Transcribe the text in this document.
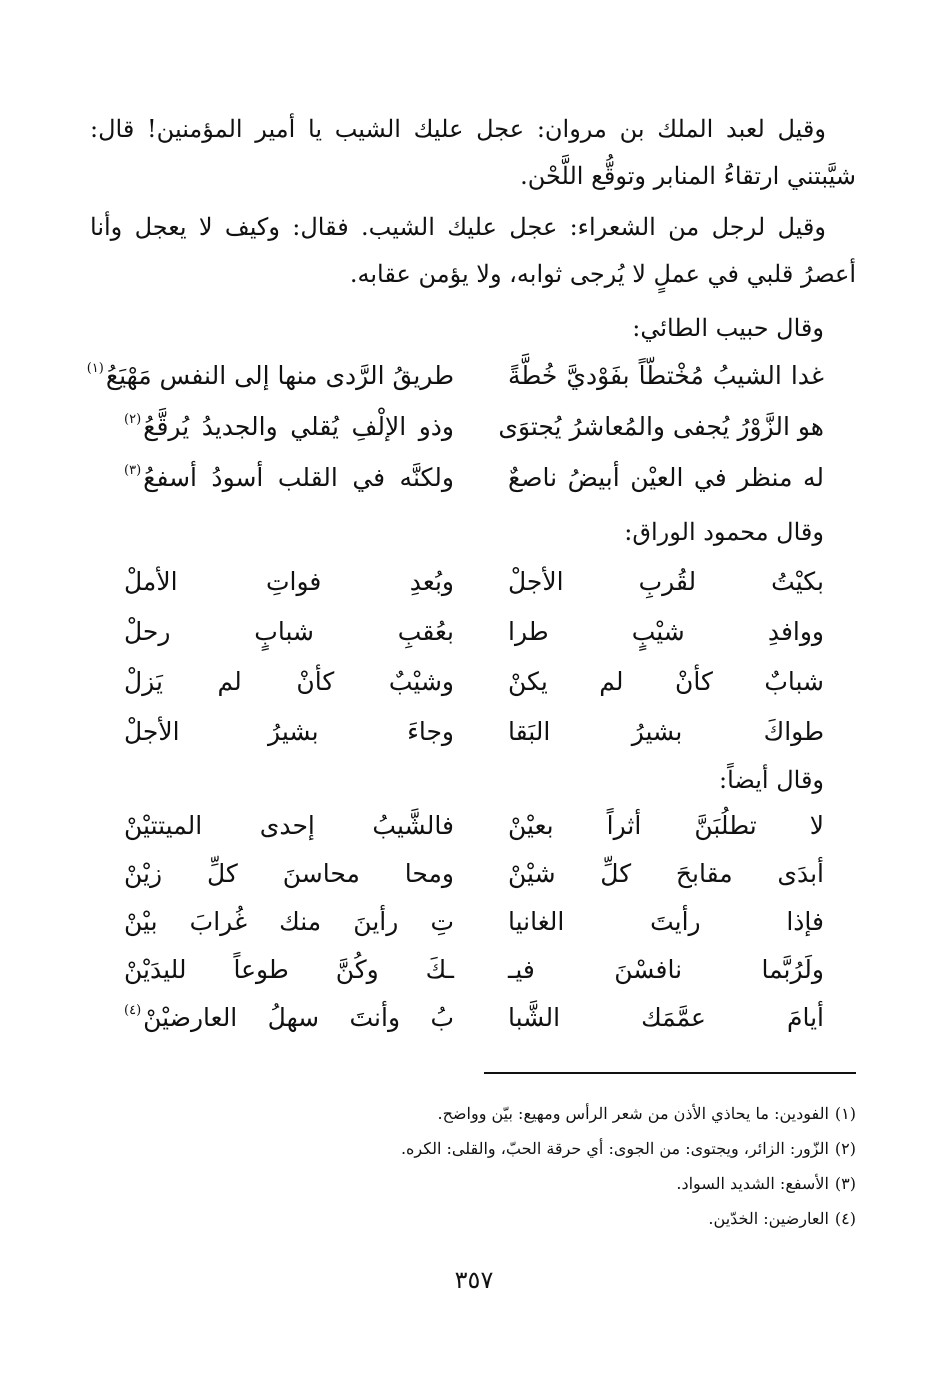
وقيل لعبد الملك بن مروان: عجل عليك الشيب يا أمير المؤمنين! قال: شيَّبتني ارتقاءُ المنابر وتوقُّع اللَّحْن.

وقيل لرجل من الشعراء: عجل عليك الشيب. فقال: وكيف لا يعجل وأنا أعصرُ قلبي في عملٍ لا يُرجى ثوابه، ولا يؤمن عقابه.

وقال حبيب الطائي:

غدا الشيبُ مُخْتطّاً بفَوْديَّ خُطَّةً
طريقُ الرَّدى منها إلى النفس مَهْيَعُ$^{(١)}$
هو الزَّوْرُ يُجفى والمُعاشرُ يُجتوَى
وذو الإلْفِ يُقلي والجديدُ يُرقَّعُ$^{(٢)}$
له منظر في العيْن أبيضُ ناصعٌ
ولكنَّه في القلب أسودُ أسفعُ$^{(٣)}$

وقال محمود الوراق:

بكيْتُ لقُربِ الأجلْ
وبُعدِ فواتِ الأملْ
ووافدِ شيْبٍ طرا
بعُقبِ شبابٍ رحلْ
شبابٌ كأنْ لم يكنْ
وشيْبٌ كأنْ لم يَزلْ
طواكَ بشيرُ البَقا
وجاءَ بشيرُ الأجلْ

وقال أيضاً:

لا تطلُبَنَّ أثراً بعيْنْ
فالشَّيبُ إحدى الميتتيْنْ
أبدَى مقابحَ كلِّ شيْنْ
ومحا محاسنَ كلِّ زيْنْ
فإذا رأيتَ الغانيا
تِ رأينَ منك غُرابَ بيْنْ
ولَرُبَّما نافسْنَ فيـ
ـكَ وكُنَّ طوعاً لليدَيْنْ
أيامَ عمَّمَك الشَّبا
بُ وأنتَ سهلُ العارضيْنْ$^{(٤)}$
(١)الفودين: ما يحاذي الأذن من شعر الرأس ومهيع: بيّن وواضح.
(٢)الزّور: الزائر، ويجتوى: من الجوى: أي حرقة الحبّ، والقلى: الكره.
(٣)الأسفع: الشديد السواد.
(٤)العارضين: الخدّين.
٣٥٧
